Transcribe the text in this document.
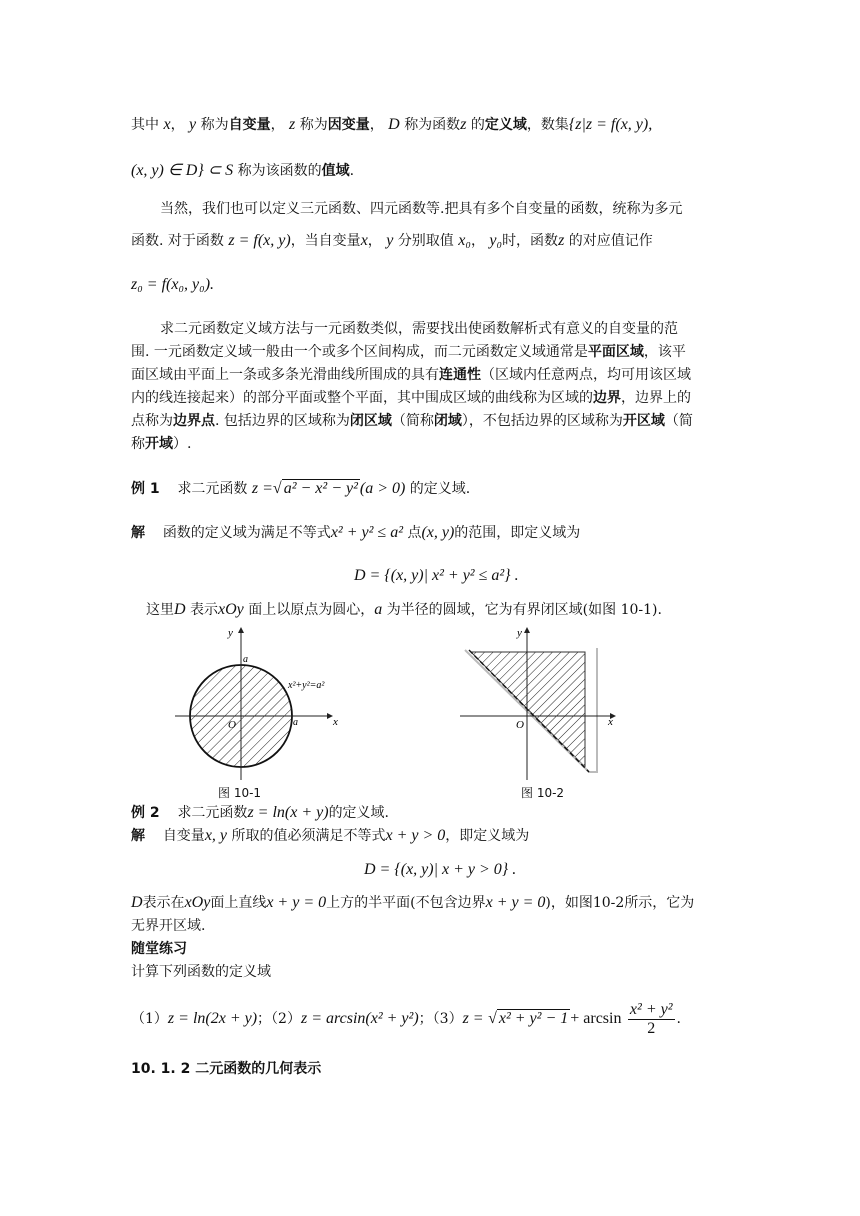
其中 x， y 称为自变量， z 称为因变量， D 称为函数z 的定义域，数集{z|z = f(x, y),
(x, y) ∈ D} ⊂ S 称为该函数的值域.
当然，我们也可以定义三元函数、四元函数等.把具有多个自变量的函数，统称为多元
函数. 对于函数 z = f(x, y)，当自变量x， y 分别取值 x₀， y₀时，函数z 的对应值记作
z₀ = f(x₀, y₀).
求二元函数定义域方法与一元函数类似，需要找出使函数解析式有意义的自变量的范
围. 一元函数定义域一般由一个或多个区间构成，而二元函数定义域通常是平面区域，该平
面区域由平面上一条或多条光滑曲线所围成的具有连通性（区域内任意两点，均可用该区域
内的线连接起来）的部分平面或整个平面，其中围成区域的曲线称为区域的边界，边界上的
点称为边界点. 包括边界的区域称为闭区域（简称闭域），不包括边界的区域称为开区域（简
称开域）.
例 1 求二元函数 z =√ a² − x² − y² (a > 0) 的定义域.
解 函数的定义域为满足不等式x² + y² ≤ a² 点(x, y)的范围，即定义域为
D = {(x, y)| x² + y² ≤ a²} .
这里D 表示xOy 面上以原点为圆心，a 为半径的圆域，它为有界闭区域(如图 10-1).
y
x
O
a
a
x²+y²=a²
图 10-1
y
x
O
图 10-2
例 2 求二元函数z = ln(x + y)的定义域.
解 自变量x, y 所取的值必须满足不等式x + y > 0，即定义域为
D = {(x, y)| x + y > 0} .
D表示在xOy面上直线x + y = 0上方的半平面(不包含边界x + y = 0)，如图10-2所示，它为
无界开区域.
随堂练习
计算下列函数的定义域
（1）z = ln(2x + y)；（2）z = arcsin(x² + y²)；（3）z = √ $x^2 + y^2 - 1 + \arcsin \frac{\text{x² + y²}}{2}$ .
10. 1. 2 二元函数的几何表示
